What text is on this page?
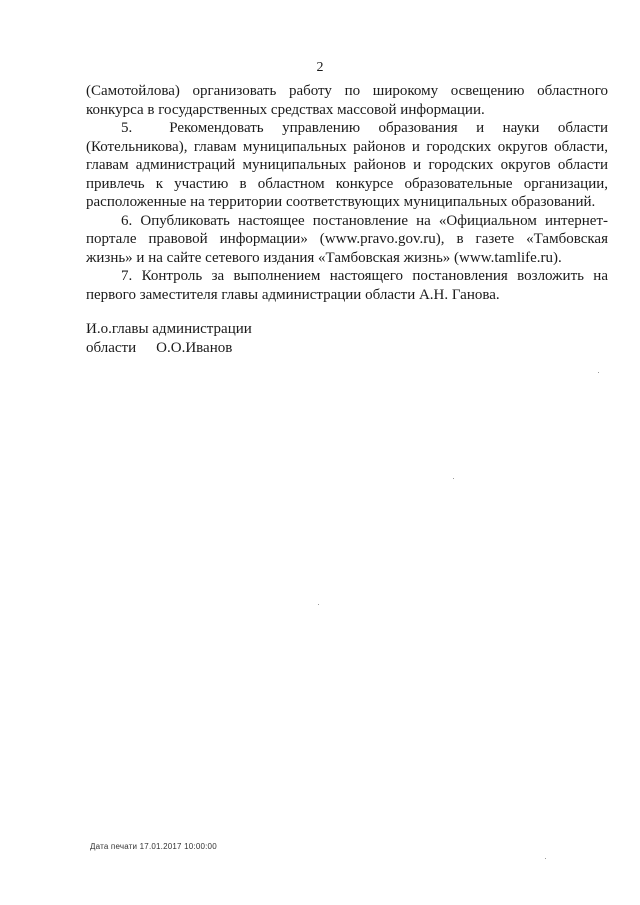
2

(Самотойлова) организовать работу по широкому освещению областного конкурса в государственных средствах массовой информации.

5.  Рекомендовать управлению образования и науки области (Котельникова), главам муниципальных районов и городских округов области, главам администраций муниципальных районов и городских округов области привлечь к участию в областном конкурсе образовательные организации, расположенные на территории соответствующих муниципальных образований.

6. Опубликовать настоящее постановление на «Официальном интернет-портале правовой информации» (www.pravo.gov.ru), в газете «Тамбовская жизнь» и на сайте сетевого издания «Тамбовская жизнь» (www.tamlife.ru).

7. Контроль за выполнением настоящего постановления возложить на первого заместителя главы администрации области А.Н. Ганова.

И.о.главы администрации
области О.О.Иванов
Дата печати 17.01.2017 10:00:00
